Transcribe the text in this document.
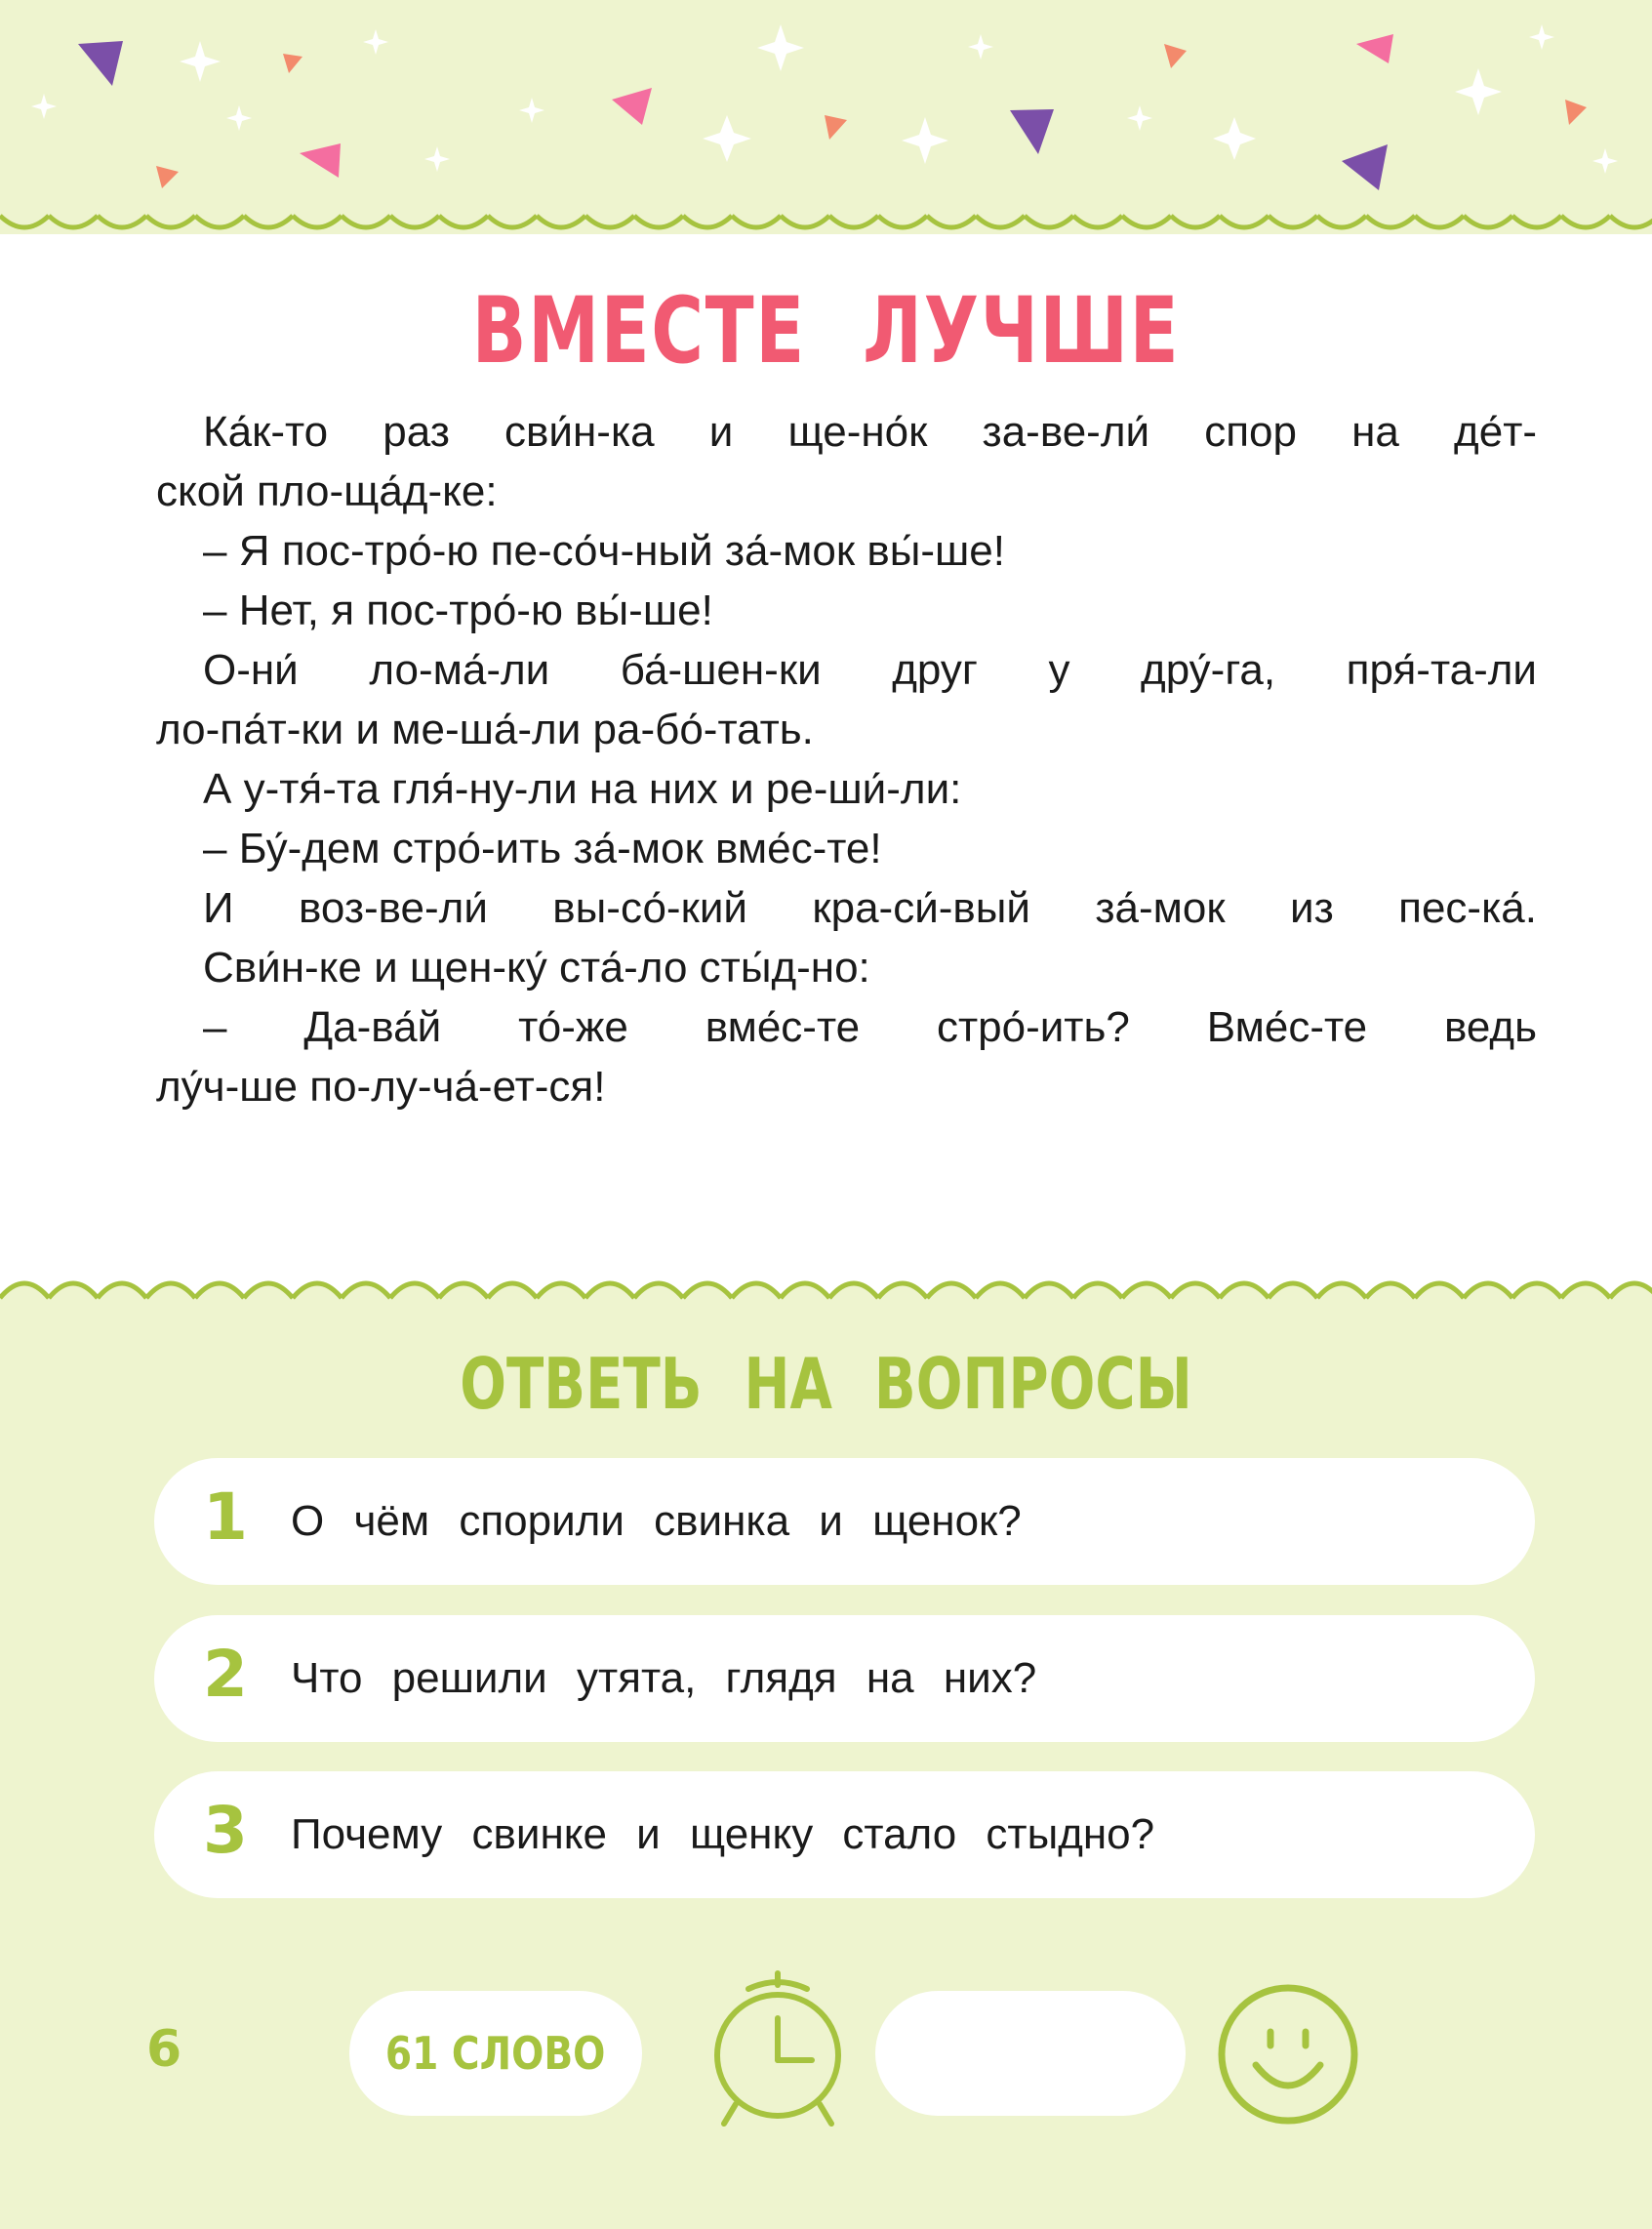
ВМЕСТЕ ЛУЧШЕ
Ка́к-то раз сви́н-ка и ще-но́к за-ве-ли́ спор на де́т-
ской пло-ща́д-ке:
– Я пос-тро́-ю пе-со́ч-ный за́-мок вы́-ше!
– Нет, я пос-тро́-ю вы́-ше!
О-ни́ ло-ма́-ли ба́-шен-ки друг у дру́-га, пря́-та-ли
ло-па́т-ки и ме-ша́-ли ра-бо́-тать.
А у-тя́-та гля́-ну-ли на них и ре-ши́-ли:
– Бу́-дем стро́-ить за́-мок вме́с-те!
И воз-ве-ли́ вы-со́-кий кра-си́-вый за́-мок из пес-ка́.
Сви́н-ке и щен-ку́ ста́-ло сты́д-но:
– Да-ва́й то́-же вме́с-те стро́-ить? Вме́с-те ведь
лу́ч-ше по-лу-ча́-ет-ся!
ОТВЕТЬ НА ВОПРОСЫ
1 О чём спорили свинка и щенок?
2 Что решили утята, глядя на них?
3 Почему свинке и щенку стало стыдно?
6	61 СЛОВО
